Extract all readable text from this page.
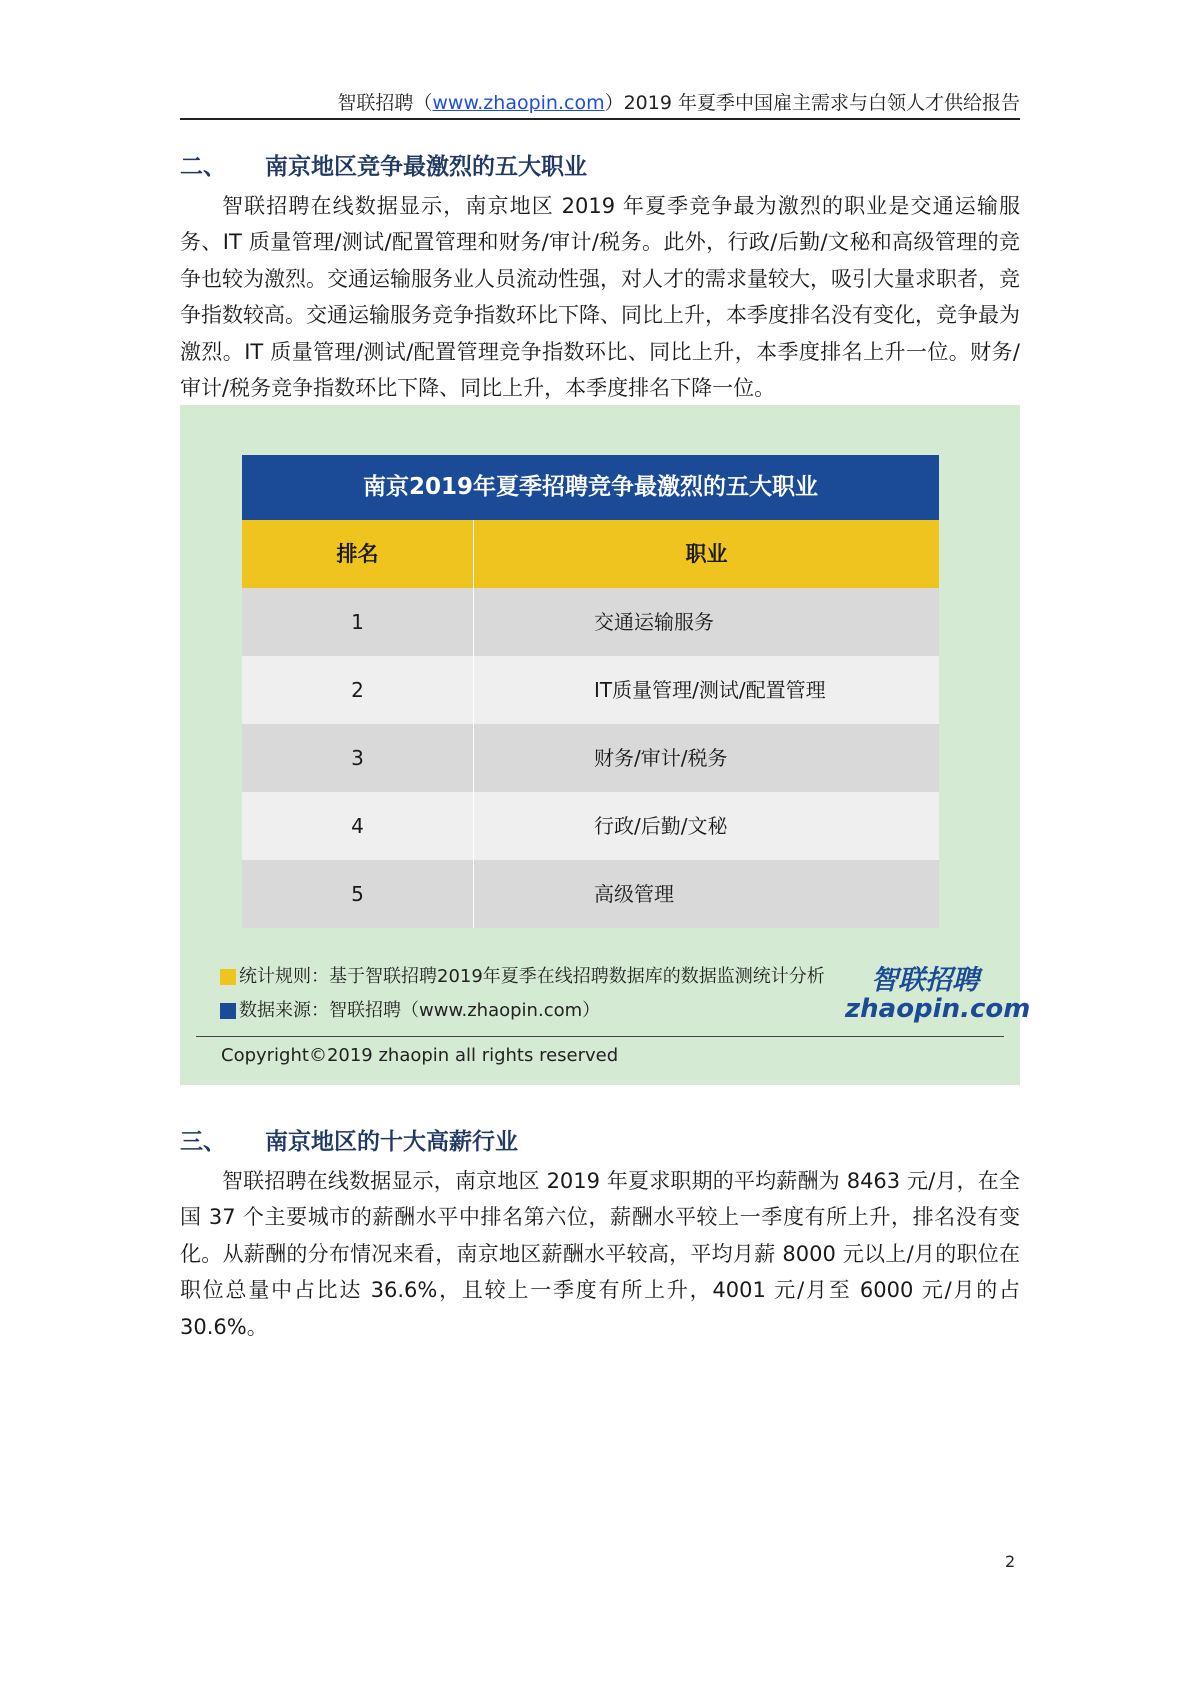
智联招聘（www.zhaopin.com）2019 年夏季中国雇主需求与白领人才供给报告
二、 南京地区竞争最激烈的五大职业

智联招聘在线数据显示，南京地区 2019 年夏季竞争最为激烈的职业是交通运输服务、IT 质量管理/测试/配置管理和财务/审计/税务。此外，行政/后勤/文秘和高级管理的竞争也较为激烈。交通运输服务业人员流动性强，对人才的需求量较大，吸引大量求职者，竞争指数较高。交通运输服务竞争指数环比下降、同比上升，本季度排名没有变化，竞争最为激烈。IT 质量管理/测试/配置管理竞争指数环比、同比上升，本季度排名上升一位。财务/审计/税务竞争指数环比下降、同比上升，本季度排名下降一位。

南京2019年夏季招聘竞争最激烈的五大职业
排名	职业
1	交通运输服务
2	IT质量管理/测试/配置管理
3	财务/审计/税务
4	行政/后勤/文秘
5	高级管理
统计规则：基于智联招聘2019年夏季在线招聘数据库的数据监测统计分析
数据来源：智联招聘（www.zhaopin.com）
智联招聘
zhaopin.com
Copyright©2019 zhaopin all rights reserved
三、 南京地区的十大高薪行业

智联招聘在线数据显示，南京地区 2019 年夏求职期的平均薪酬为 8463 元/月，在全国 37 个主要城市的薪酬水平中排名第六位，薪酬水平较上一季度有所上升，排名没有变化。从薪酬的分布情况来看，南京地区薪酬水平较高，平均月薪 8000 元以上/月的职位在职位总量中占比达 36.6%，且较上一季度有所上升，4001 元/月至 6000 元/月的占 30.6%。

2
